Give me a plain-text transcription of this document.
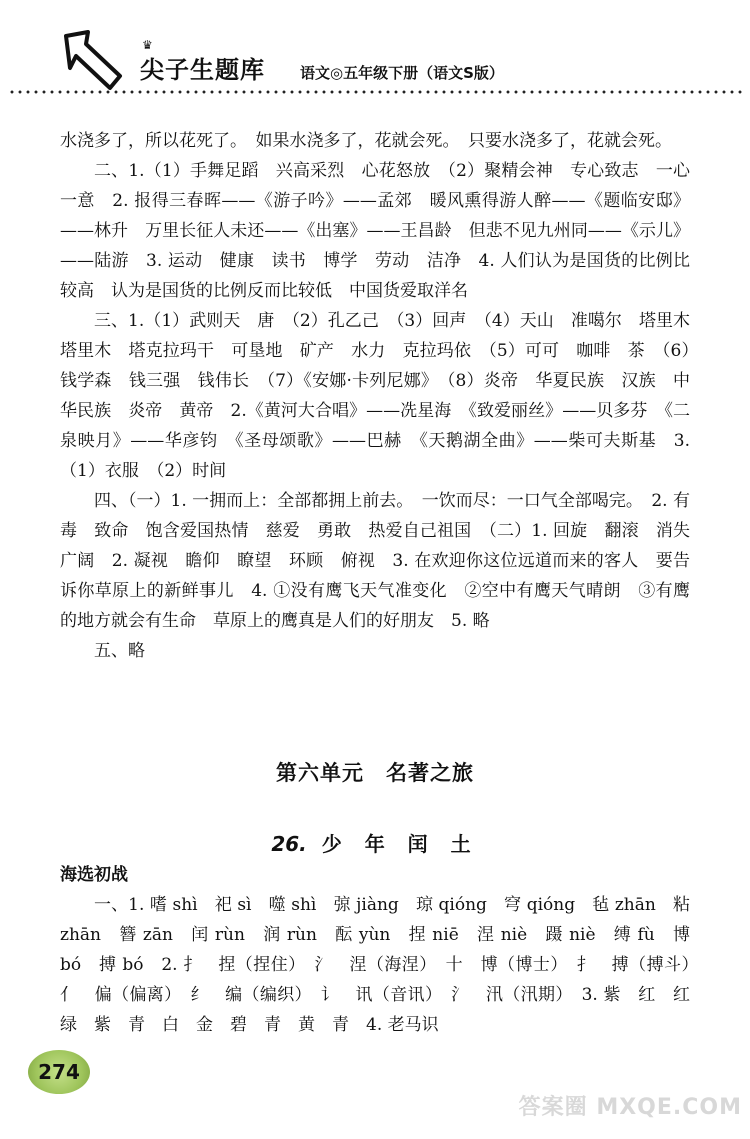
♛
尖子生题库 语文◎五年级下册（语文S版）

水浇多了，所以花死了。　如果水浇多了，花就会死。　只要水浇多了，花就会死。

二、1.（1）手舞足蹈　兴高采烈　心花怒放　（2）聚精会神　专心致志　一心一意　2. 报得三春晖——《游子吟》——孟郊　暖风熏得游人醉——《题临安邸》——林升　万里长征人未还——《出塞》——王昌龄　但悲不见九州同——《示儿》——陆游　3. 运动　健康　读书　博学　劳动　洁净　4. 人们认为是国货的比例比较高　认为是国货的比例反而比较低　中国货爱取洋名

三、1.（1）武则天　唐　（2）孔乙己　（3）回声　（4）天山　准噶尔　塔里木　塔里木　塔克拉玛干　可垦地　矿产　水力　克拉玛依　（5）可可　咖啡　茶　（6）钱学森　钱三强　钱伟长　（7）《安娜·卡列尼娜》　（8）炎帝　华夏民族　汉族　中华民族　炎帝　黄帝　2.《黄河大合唱》——冼星海　《致爱丽丝》——贝多芬　《二泉映月》——华彦钧　《圣母颂歌》——巴赫　《天鹅湖全曲》——柴可夫斯基　3.（1）衣服　（2）时间

四、（一）1. 一拥而上：全部都拥上前去。　一饮而尽：一口气全部喝完。　2. 有毒　致命　饱含爱国热情　慈爱　勇敢　热爱自己祖国　（二）1. 回旋　翻滚　消失　广阔　2. 凝视　瞻仰　瞭望　环顾　俯视　3. 在欢迎你这位远道而来的客人　要告诉你草原上的新鲜事儿　4. ①没有鹰飞天气准变化　②空中有鹰天气晴朗　③有鹰的地方就会有生命　草原上的鹰真是人们的好朋友　5. 略

五、略

第六单元　名著之旅
26. 少 年 闰 土
海选初战

一、1. 嗜 shì　祀 sì　噬 shì　弶 jiàng　琼 qióng　穹 qióng　毡 zhān　粘 zhān　簪 zān　闰 rùn　润 rùn　酝 yùn　捏 niē　涅 niè　蹑 niè　缚 fù　博 bó　搏 bó　2. 扌　捏（捏住）　氵　涅（海涅）　十　博（博士）　扌　搏（搏斗）　亻　偏（偏离）　纟　编（编织）　讠　讯（音讯）　氵　汛（汛期）　3. 紫　红　红　绿　紫　青　白　金　碧　青　黄　青　4. 老马识

274
答案圈 MXQE.COM
